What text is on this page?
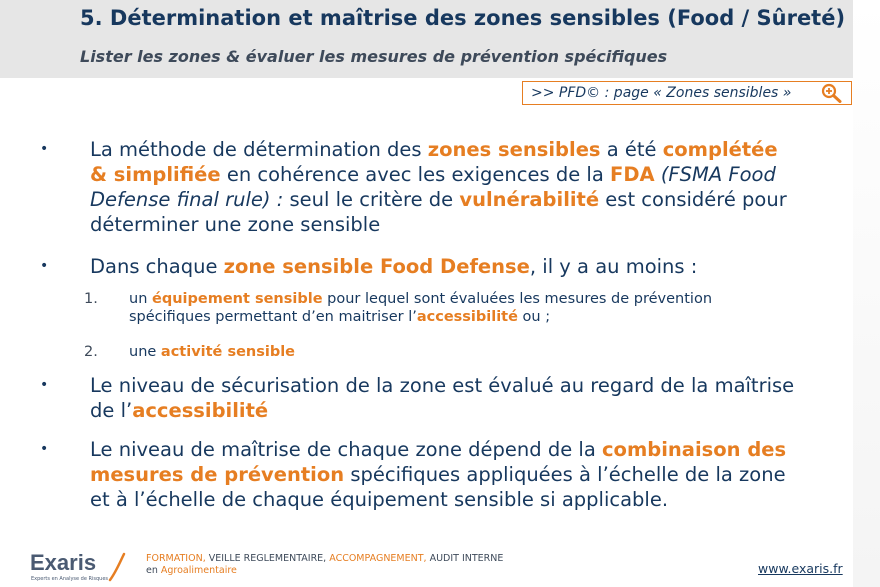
5. Détermination et maîtrise des zones sensibles (Food / Sûreté)
Lister les zones & évaluer les mesures de prévention spécifiques
>> PFD© : page « Zones sensibles »
•	La méthode de détermination des zones sensibles a été complétée & simplifiée en cohérence avec les exigences de la FDA (FSMA Food Defense final rule) : seul le critère de vulnérabilité est considéré pour déterminer une zone sensible
•	Dans chaque zone sensible Food Defense, il y a au moins :
•	Le niveau de sécurisation de la zone est évalué au regard de la maîtrise de l’accessibilité
•	Le niveau de maîtrise de chaque zone dépend de la combinaison des mesures de prévention spécifiques appliquées à l’échelle de la zone et à l’échelle de chaque équipement sensible si applicable.
1.	un équipement sensible pour lequel sont évaluées les mesures de prévention spécifiques permettant d’en maitriser l’accessibilité ou ;
2.	une activité sensible
Exaris
Experts en Analyse de Risques
FORMATION, VEILLE REGLEMENTAIRE, ACCOMPAGNEMENT, AUDIT INTERNE
en Agroalimentaire	www.exaris.fr
